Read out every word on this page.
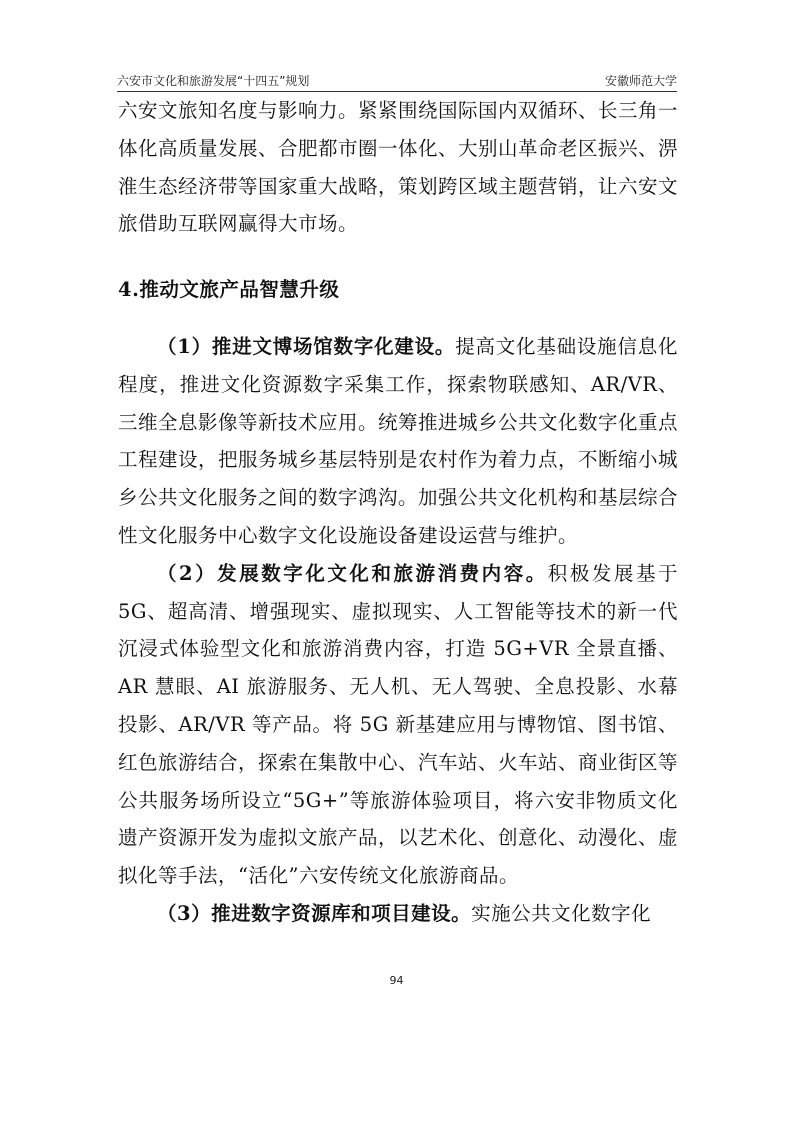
六安市文化和旅游发展“十四五”规划	安徽师范大学

六安文旅知名度与影响力。紧紧围绕国际国内双循环、长三角一体化高质量发展、合肥都市圈一体化、大别山革命老区振兴、淠淮生态经济带等国家重大战略，策划跨区域主题营销，让六安文旅借助互联网赢得大市场。

4.推动文旅产品智慧升级

（1）推进文博场馆数字化建设。提高文化基础设施信息化程度，推进文化资源数字采集工作，探索物联感知、AR/VR、三维全息影像等新技术应用。统筹推进城乡公共文化数字化重点工程建设，把服务城乡基层特别是农村作为着力点，不断缩小城乡公共文化服务之间的数字鸿沟。加强公共文化机构和基层综合性文化服务中心数字文化设施设备建设运营与维护。

（2）发展数字化文化和旅游消费内容。积极发展基于5G、超高清、增强现实、虚拟现实、人工智能等技术的新一代沉浸式体验型文化和旅游消费内容，打造 5G+VR 全景直播、AR 慧眼、AI 旅游服务、无人机、无人驾驶、全息投影、水幕投影、AR/VR 等产品。将 5G 新基建应用与博物馆、图书馆、红色旅游结合，探索在集散中心、汽车站、火车站、商业街区等公共服务场所设立“5G+”等旅游体验项目，将六安非物质文化遗产资源开发为虚拟文旅产品，以艺术化、创意化、动漫化、虚拟化等手法，“活化”六安传统文化旅游商品。

（3）推进数字资源库和项目建设。实施公共文化数字化

94
